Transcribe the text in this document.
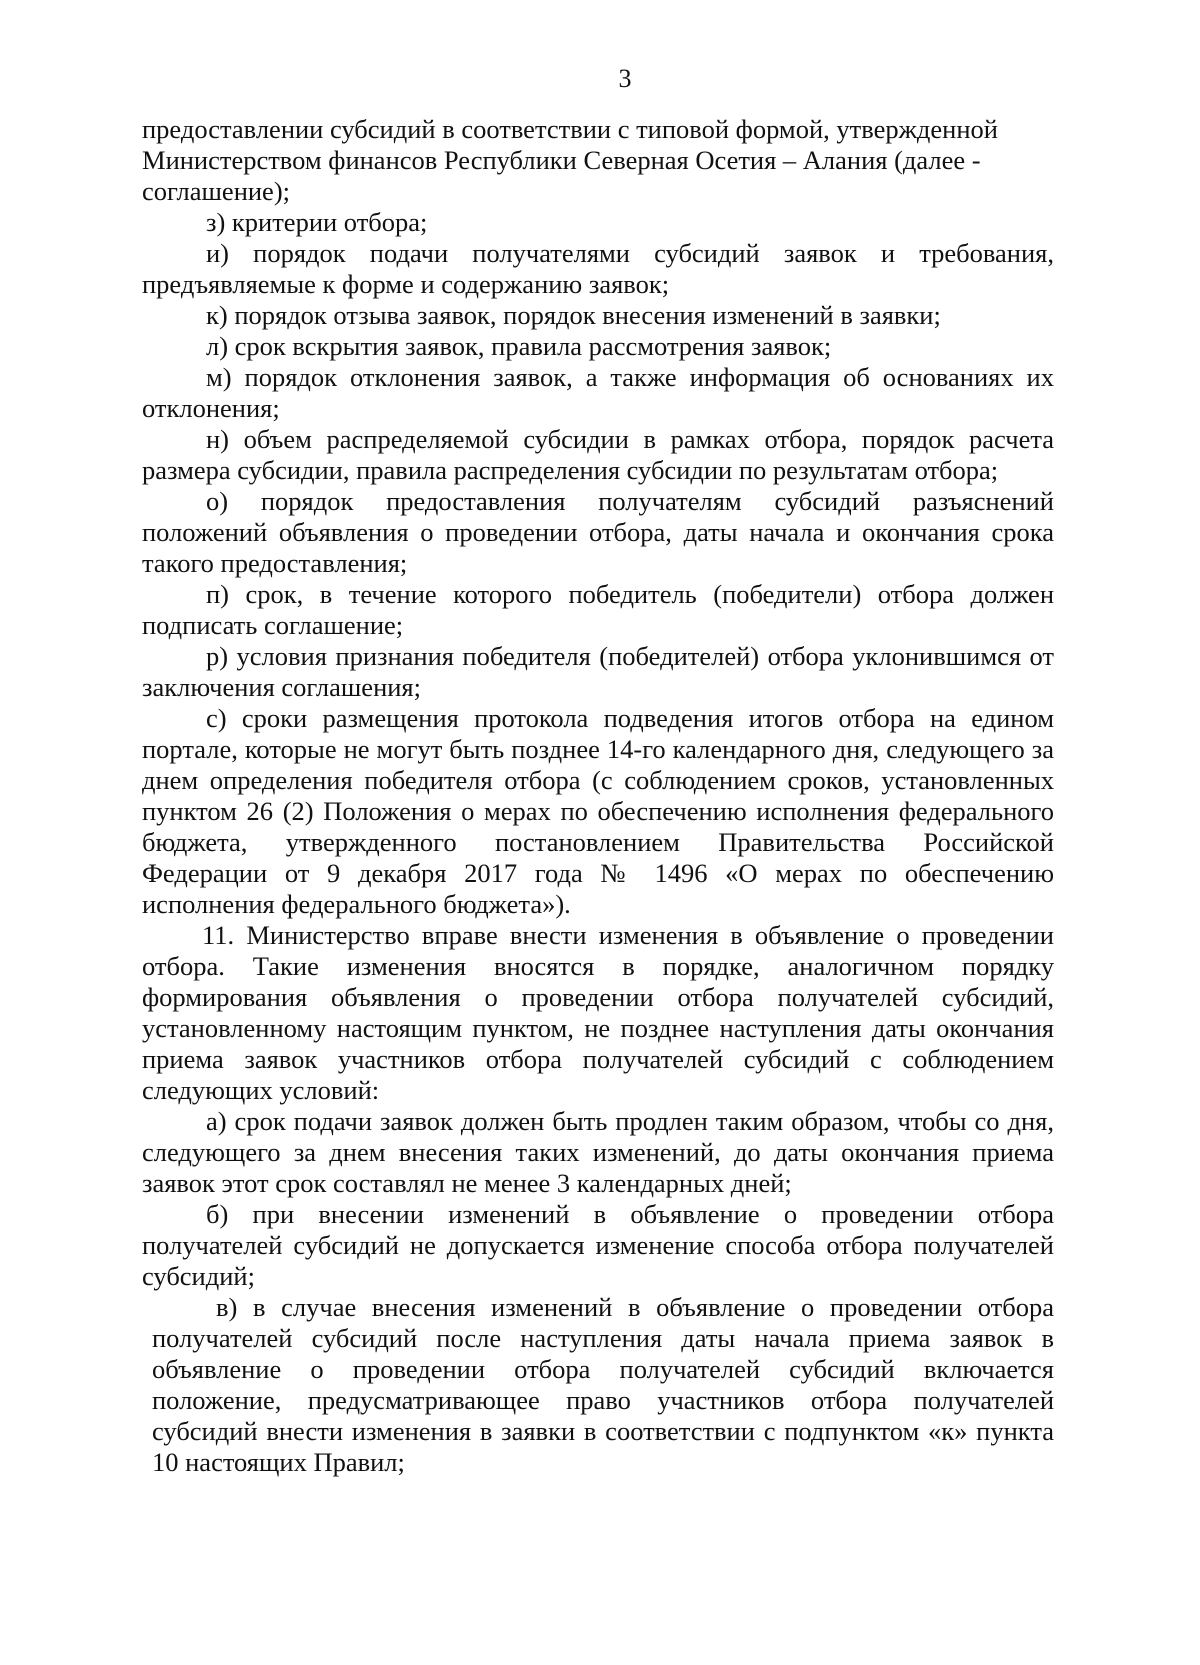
3

предоставлении субсидий в соответствии с типовой формой, утвержденной Министерством финансов Республики Северная Осетия – Алания (далее - соглашение);

з) критерии отбора;

и) порядок подачи получателями субсидий заявок и требования, предъявляемые к форме и содержанию заявок;

к) порядок отзыва заявок, порядок внесения изменений в заявки;

л) срок вскрытия заявок, правила рассмотрения заявок;

м) порядок отклонения заявок, а также информация об основаниях их отклонения;

н) объем распределяемой субсидии в рамках отбора, порядок расчета размера субсидии, правила распределения субсидии по результатам отбора;

о) порядок предоставления получателям субсидий разъяснений положений объявления о проведении отбора, даты начала и окончания срока такого предоставления;

п) срок, в течение которого победитель (победители) отбора должен подписать соглашение;

р) условия признания победителя (победителей) отбора уклонившимся от заключения соглашения;

с) сроки размещения протокола подведения итогов отбора на едином портале, которые не могут быть позднее 14-го календарного дня, следующего за днем определения победителя отбора (с соблюдением сроков, установленных пунктом 26 (2) Положения о мерах по обеспечению исполнения федерального бюджета, утвержденного постановлением Правительства Российской Федерации от 9 декабря 2017 года № 1496 «О мерах по обеспечению исполнения федерального бюджета»).

11. Министерство вправе внести изменения в объявление о проведении отбора. Такие изменения вносятся в порядке, аналогичном порядку формирования объявления о проведении отбора получателей субсидий, установленному настоящим пунктом, не позднее наступления даты окончания приема заявок участников отбора получателей субсидий с соблюдением следующих условий:

а) срок подачи заявок должен быть продлен таким образом, чтобы со дня, следующего за днем внесения таких изменений, до даты окончания приема заявок этот срок составлял не менее 3 календарных дней;

б) при внесении изменений в объявление о проведении отбора получателей субсидий не допускается изменение способа отбора получателей субсидий;

в) в случае внесения изменений в объявление о проведении отбора получателей субсидий после наступления даты начала приема заявок в объявление о проведении отбора получателей субсидий включается положение, предусматривающее право участников отбора получателей субсидий внести изменения в заявки в соответствии с подпунктом «к» пункта 10 настоящих Правил;
